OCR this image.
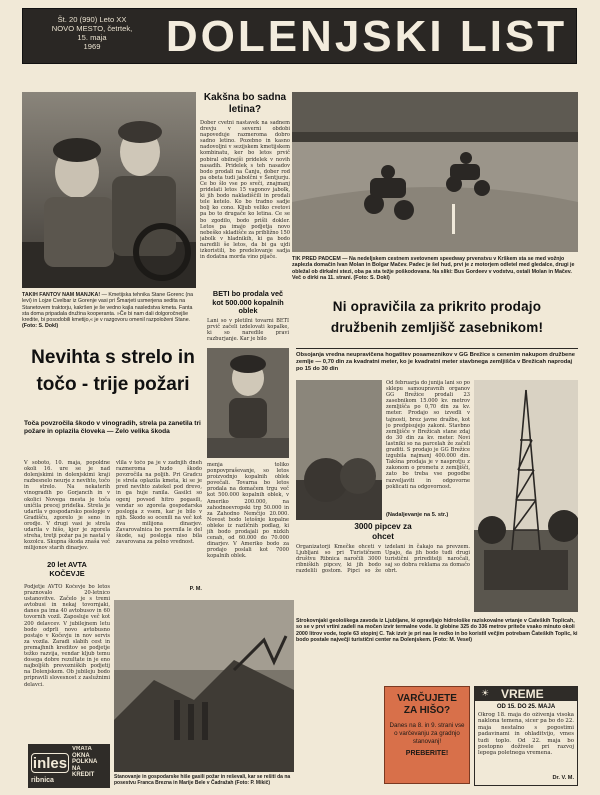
Št. 20 (990) Leto XX
NOVO MESTO, četrtek,
15. maja
1969	DOLENJSKI LIST
TAKIH FANTOV NAM MANJKA! — Kmetijska tehnika Stane Gorenc (na levi) in Lojze Cvelbar iz Gorenje vasi pri Šmarjeti usmerjena sedita na Stanetovem traktorju, kakršen je še vedno kajla nasledstva kmeta. Fanta sta doma pripadala družina kooperanta. »Če bi nam dali dolgoročnejše kredite, bi posodobili kmetijo,« je v razgovoru omenil razpoloženi Stane. (Foto: S. Dokl)
Kakšna bo sadna letina?
Dober cvetni nastavek na sadnem drevju v severni obdobi napoveduje razmeroma dobro sadno letino. Pozebno in kasno nadovoljni v sezijskem kmetijskem kombinatu, ker bo letos prvič pobiral obilnejši pridelek v novih nasadih. Pridelek s teh nasadov bodo prodali na Čanju, dober rod pa obeta tudi jabolčni v Šentjurju. Ce bo šlo vse po sreči, znajmanj pridelati letos 15 vagonov jabolk, ki jih bodo nakladiščili in prodali tele ketelo. Ko bo tradno sadje bolj ko cono. Kljub veliko cvetovi pa bo to drugače ko letina. Ce se bo zgodilo, bodo prišli dokler. Letos pa imajo podjetja novo nebeško skladišče za približno 150 jabolk v hladnikih, ki ga bodo naredili še letos, da bi ga ujdi izkoristili, bo predelovanje sadja in dodatna morda vino pijače.	TIK PRED PADCEM — Na nedeljskem cestnem svetovnem speedway prvenstvu v Krškem sta se med vožnjo zaplezla domačin Ivan Molan in Bolgar Mačev. Padec je šel hud, prvi je z motorjem odletel med gledalce, drugi je obležal ob dirkalni stezi, oba pa sta težje poškodovana. Na sliki: Bus Gordeev v vodstvu, ostali Molan in Mačev. Več o dirki na 11. strani. (Foto: S. Dokl)
BETI bo prodala več kot 500.000 kopalnih oblek
Lani so v pletilni tovarni BETI prvič začeli izdelovati kopalke, ki so naredile pravi razburjanje. Kar je bilo
menja toliko ponpovpraševanje, so letos proizvodnjo kopalnih oblek povečali. Tovarna bo letos prodala na domačem trgu več kot 500.000 kopalnih oblek, v Ameriko 200.000, na zahodnoevropski trg 50.000 in za Zahodno Nemčijo 20.000. Novost bodo letošnje kopalne obleke iz različnih podlag, ki jih bodo prodajali po nizkih cenah, od 60.000 do 70.000 dinarjev. V Ameriko bodo za prodajo poslali kot 7000 kopalnih oblek.
Ni opravičila za prikrito prodajo
družbenih zemljišč zasebnikom!
Obsojanja vredna neupravičena hogatitev posameznikov v GG Brežice s cenenim nakupom družbene zemlje — 0,70 din za kvadratni meter, ko je kvadratni meter stavbnega zemljišča v Brežicah naprodaj po 15 do 30 din
Od februarja do junija lani so po sklepu samoupravnih organov GG Brežice prodali 23 zasebnikom 15.000 kv. metrov zemljišča po 0,70 din za kv. meter. Prodajo so izvedli v tajnosti, brez javne dražbe, kot jo predpisujejo zakoni. Stavbno zemljišče v Brežicah stane zdaj do 30 din za kv. meter. Novi lastniki so na parcelah že začeli graditi. S prodajo je GG Brežice izgubila najmanj 400.000 din. Takšna prodaja je v nasprotju z zakonom o prometu z zemljišči, zato bo treba vse pogodbe razveljaviti in odgovorne poklicati na odgovornost.
(Nadaljevanje na 5. str.)
3000 pipcev za
ohcet
Organizatorji Kmečke ohceti v Ljubljani so pri Turističnem društvu Ribnica naročili 3000 ribniških pipcev, ki jih bodo razdelili gostom. Pipci so že izdelani in čakajo na prevzem. Upajo, da jih bodo tudi drugi turistični prireditelji naročali, saj so dobra reklama za domačo obrt.
Strokovnjaki geološkega zavoda iz Ljubljane, ki opravljajo hidrološke raziskovalne vrtanje v Čateških Toplicah, so se v prvi vrtini zadeli na močen izvir termalne vode. Iz globine 325 do 336 metrov priteče vsako minuto okoli 2000 litrov vode, tople 63 stopinj C. Tak izvir je pri nas le redko in bo koristil večjim potrebam Čateških Toplic, ki bodo postale največji turistični center na Dolenjskem. (Foto: M. Vesel)
Nevihta s strelo in
točo - trije požari
Toča povzročila škodo v vinogradih, strela pa zanetila tri požare in oplazila človeka — Zelo velika škoda
V soboto, 10. maja, popoldne okoli 16. ure se je nad dolenjskimi in dolenjskimi kraji razbesnelo neurje z nevihto, točo in strelo. Na nekaterih vinogradih po Gorjancih in v okolici Novega mesta je toča uničila precej pridelka. Strela je udarila v gospodarsko poslopje v Gradišču, zgorelo je seno in orodje. V drugi vasi je strela udarila v hišo, kjer je zgorela streha, tretji požar pa je nastal v kozolcu. Skupna škoda znaša več milijonov starih dinarjev.
vlila v točo pa je v zadnjih dneh razmeroma hudo škodo povzročila na poljih. Pri Gradcu je strela oplazila kmeta, ki se je pred nevihto zatekel pod drevo, in ga huje ranila. Gasilci so ogenj povsod hitro pogasili, vendar so zgorela gospodarska poslopja z vsem, kar je bilo v njih. Škodo so ocenili na več kot dva milijona dinarjev. Zavarovalnica bo povrnila le del škode, saj poslopja niso bila zavarovana za polno vrednost.
P. M.
20 let AVTA
KOČEVJE
Podjetje AVTO Kočevje bo letos praznovalo 20-letnico ustanovitve. Začelo je s tremi avtobusi in nekaj tovornjaki, danes pa ima 40 avtobusov in 60 tovornih vozil. Zaposluje več kot 200 delavcev. V jubilejnem letu bodo odprli novo avtobusno postajo v Kočevju in nov servis za vozila. Zaradi slabih cest in premajhnih kreditov se podjetje težko razvija, vendar kljub temu dosega dobre rezultate in je eno najboljših prevozniških podjetij na Dolenjskem. Ob jubileju bodo pripravili slovesnost z zaslužnimi delavci.
Stanovanje in gospodarske hiše gasili požar in reševali, kar se rešiti da na posestvu Franca Brezna in Marije Bele v Čadražah (Foto: P. Mikič)
inles
VRATA
OKNA
POLKNA
NA
KREDIT
ribnica
VARČUJETE
ZA HIŠO?
Danes na 8. in 9. strani vse o varčevanju za gradnjo stanovanj!
PREBERITE!
☀ VREME
OD 15. DO 25. MAJA
Okrog 18. maja do oživenja visoka naklona temena, sicer pa bo do 22. maja nestalno s pogostimi padavinami in ohladitvijo, vmes tudi toplo. Od 22. maja bo postopno doživele pri razvoj lepega poletnega vremena.
Dr. V. M.
